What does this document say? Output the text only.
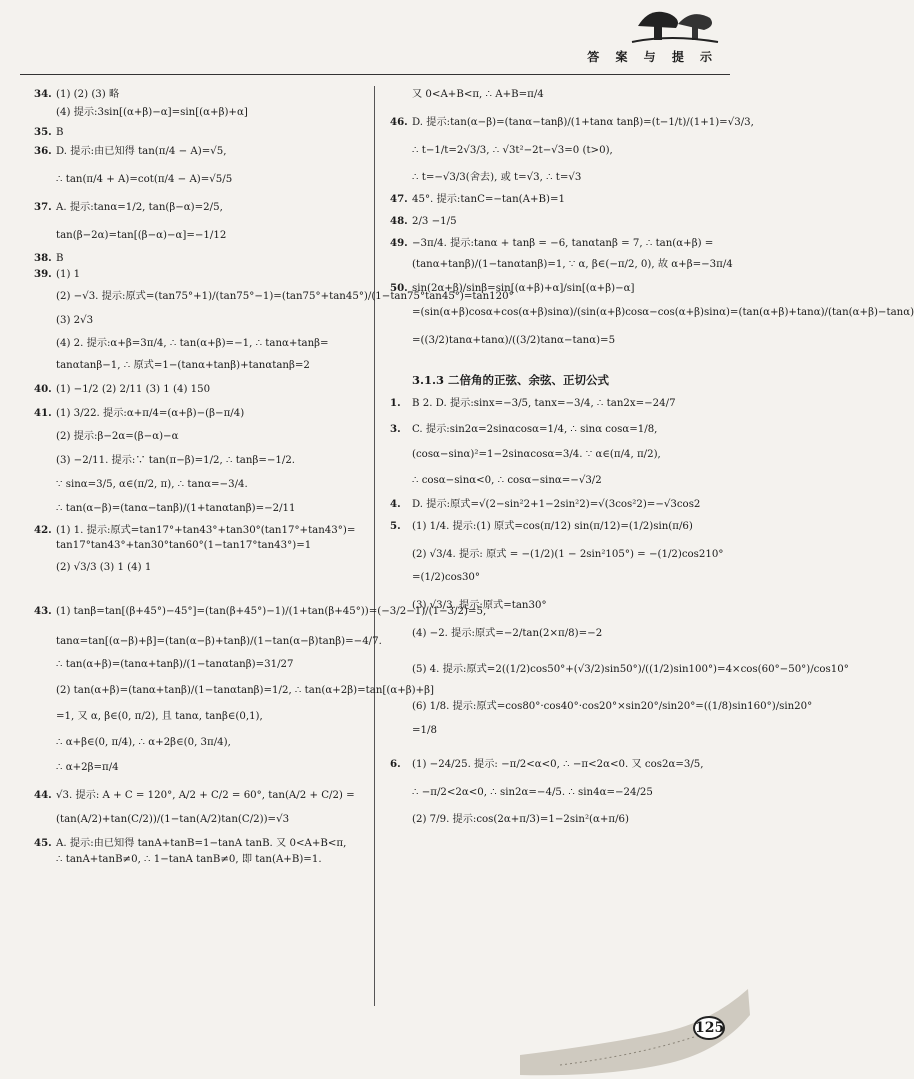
答 案 与 提 示

34. (1) (2) (3) 略

(4) 提示:3sin[(α+β)−α]=sin[(α+β)+α]

35. B

36. D. 提示:由已知得 tan(π/4 − A)=√5,

∴ tan(π/4 + A)=cot(π/4 − A)=√5/5

37. A. 提示:tanα=1/2, tan(β−α)=2/5,

tan(β−2α)=tan[(β−α)−α]=−1/12

38. B

39. (1) 1

(2) −√3. 提示:原式=(tan75°+1)/(tan75°−1)=(tan75°+tan45°)/(1−tan75°tan45°)=tan120°

(3) 2√3

(4) 2. 提示:α+β=3π/4, ∴ tan(α+β)=−1, ∴ tanα+tanβ=

tanαtanβ−1, ∴ 原式=1−(tanα+tanβ)+tanαtanβ=2

40. (1) −1/2 (2) 2/11 (3) 1 (4) 150

41. (1) 3/22. 提示:α+π/4=(α+β)−(β−π/4)

(2) 提示:β−2α=(β−α)−α

(3) −2/11. 提示:∵ tan(π−β)=1/2, ∴ tanβ=−1/2.

∵ sinα=3/5, α∈(π/2, π), ∴ tanα=−3/4.

∴ tan(α−β)=(tanα−tanβ)/(1+tanαtanβ)=−2/11

42. (1) 1. 提示:原式=tan17°+tan43°+tan30°(tan17°+tan43°)=

tan17°tan43°+tan30°tan60°(1−tan17°tan43°)=1

(2) √3/3 (3) 1 (4) 1

43. (1) tanβ=tan[(β+45°)−45°]=(tan(β+45°)−1)/(1+tan(β+45°))=(−3/2−1)/(1−3/2)=5,

tanα=tan[(α−β)+β]=(tan(α−β)+tanβ)/(1−tan(α−β)tanβ)=−4/7.

∴ tan(α+β)=(tanα+tanβ)/(1−tanαtanβ)=31/27

(2) tan(α+β)=(tanα+tanβ)/(1−tanαtanβ)=1/2, ∴ tan(α+2β)=tan[(α+β)+β]

=1, 又 α, β∈(0, π/2), 且 tanα, tanβ∈(0,1),

∴ α+β∈(0, π/4), ∴ α+2β∈(0, 3π/4),

∴ α+2β=π/4

44. √3. 提示: A + C = 120°, A/2 + C/2 = 60°, tan(A/2 + C/2) =

(tan(A/2)+tan(C/2))/(1−tan(A/2)tan(C/2))=√3

45. A. 提示:由已知得 tanA+tanB=1−tanA tanB. 又 0<A+B<π,

∴ tanA+tanB≠0, ∴ 1−tanA tanB≠0, 即 tan(A+B)=1.

又 0<A+B<π, ∴ A+B=π/4

46. D. 提示:tan(α−β)=(tanα−tanβ)/(1+tanα tanβ)=(t−1/t)/(1+1)=√3/3,

∴ t−1/t=2√3/3, ∴ √3t²−2t−√3=0 (t>0),

∴ t=−√3/3(舍去), 或 t=√3, ∴ t=√3

47. 45°. 提示:tanC=−tan(A+B)=1

48. 2/3 −1/5

49. −3π/4. 提示:tanα + tanβ = −6, tanαtanβ = 7, ∴ tan(α+β) =

(tanα+tanβ)/(1−tanαtanβ)=1, ∵ α, β∈(−π/2, 0), 故 α+β=−3π/4

50. sin(2α+β)/sinβ=sin[(α+β)+α]/sin[(α+β)−α]

=(sin(α+β)cosα+cos(α+β)sinα)/(sin(α+β)cosα−cos(α+β)sinα)=(tan(α+β)+tanα)/(tan(α+β)−tanα)

=((3/2)tanα+tanα)/((3/2)tanα−tanα)=5

3.1.3 二倍角的正弦、余弦、正切公式

1. B 2. D. 提示:sinx=−3/5, tanx=−3/4, ∴ tan2x=−24/7

3. C. 提示:sin2α=2sinαcosα=1/4, ∴ sinα cosα=1/8,

(cosα−sinα)²=1−2sinαcosα=3/4. ∵ α∈(π/4, π/2),

∴ cosα−sinα<0, ∴ cosα−sinα=−√3/2

4. D. 提示:原式=√(2−sin²2+1−2sin²2)=√(3cos²2)=−√3cos2

5. (1) 1/4. 提示:(1) 原式=cos(π/12) sin(π/12)=(1/2)sin(π/6)

(2) √3/4. 提示: 原式 = −(1/2)(1 − 2sin²105°) = −(1/2)cos210°

=(1/2)cos30°

(3) √3/3. 提示:原式=tan30°

(4) −2. 提示:原式=−2/tan(2×π/8)=−2

(5) 4. 提示:原式=2((1/2)cos50°+(√3/2)sin50°)/((1/2)sin100°)=4×cos(60°−50°)/cos10°

(6) 1/8. 提示:原式=cos80°·cos40°·cos20°×sin20°/sin20°=((1/8)sin160°)/sin20°

=1/8

6. (1) −24/25. 提示: −π/2<α<0, ∴ −π<2α<0. 又 cos2α=3/5,

∴ −π/2<2α<0, ∴ sin2α=−4/5. ∴ sin4α=−24/25

(2) 7/9. 提示:cos(2α+π/3)=1−2sin²(α+π/6)

125
